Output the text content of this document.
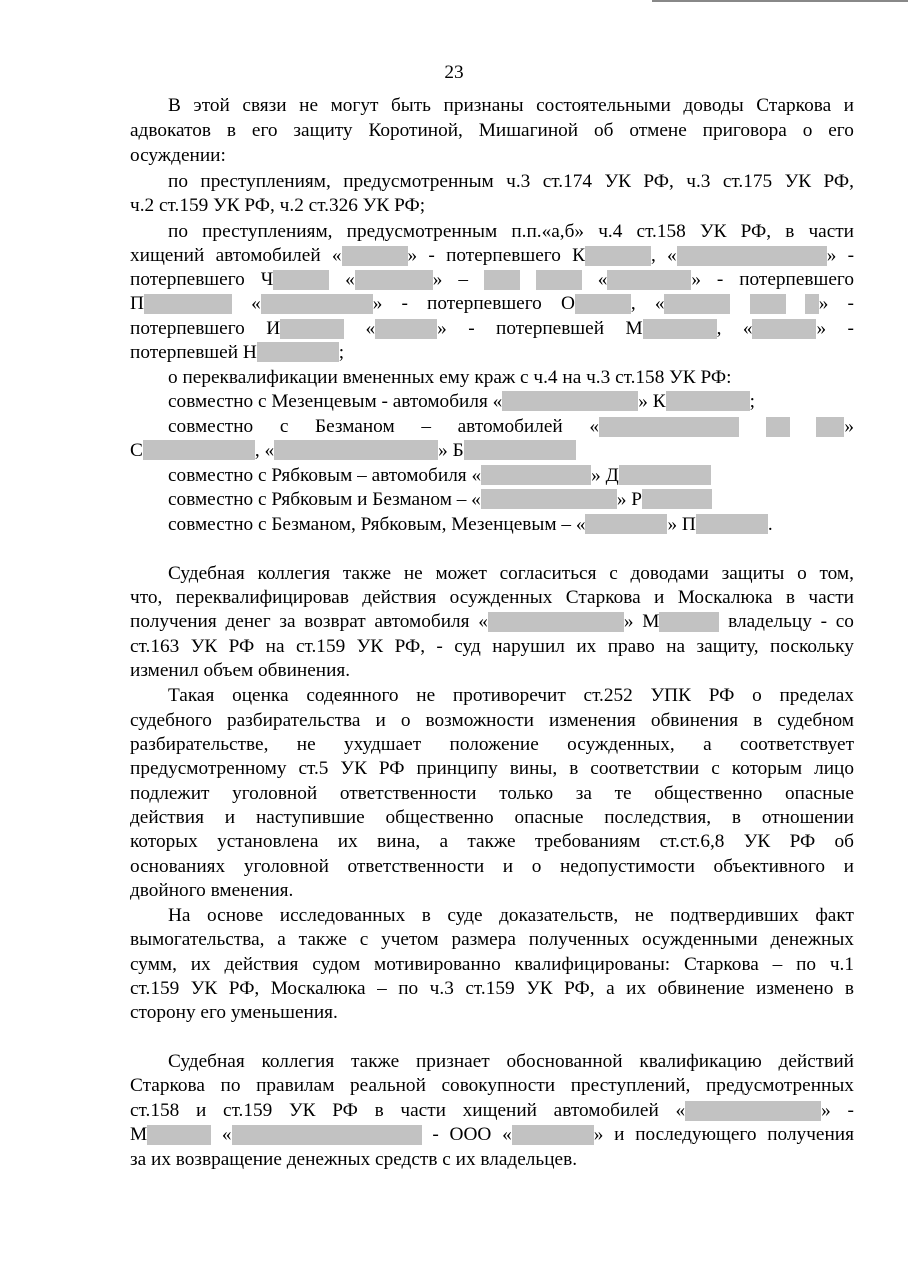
23
В этой связи не могут быть признаны состоятельными доводы Старкова и
адвокатов в его защиту Коротиной, Мишагиной об отмене приговора о его
осуждении:
по преступлениям, предусмотренным ч.3 ст.174 УК РФ, ч.3 ст.175 УК РФ,
ч.2 ст.159 УК РФ, ч.2 ст.326 УК РФ;
по преступлениям, предусмотренным п.п.«а,б» ч.4 ст.158 УК РФ, в части
хищений автомобилей «	» - потерпевшего К	, «	» -
потерпевшего Ч	«	» –	«	» - потерпевшего
П	«	» - потерпевшего О	, «	» -
потерпевшего И	«	» - потерпевшей М	, «	» -
потерпевшей Н	;
о переквалификации вмененных ему краж с ч.4 на ч.3 ст.158 УК РФ:
совместно с Мезенцевым - автомобиля «	» К	;
совместно с Безманом – автомобилей «	»
С	, «	» Б
совместно с Рябковым – автомобиля «	» Д
совместно с Рябковым и Безманом – «	» Р
совместно с Безманом, Рябковым, Мезенцевым – «	» П	.
Судебная коллегия также не может согласиться с доводами защиты о том,
что, переквалифицировав действия осужденных Старкова и Москалюка в части
получения денег за возврат автомобиля «	» М	владельцу - со
ст.163 УК РФ на ст.159 УК РФ, - суд нарушил их право на защиту, поскольку
изменил объем обвинения.
Такая оценка содеянного не противоречит ст.252 УПК РФ о пределах
судебного разбирательства и о возможности изменения обвинения в судебном
разбирательстве, не ухудшает положение осужденных, а соответствует
предусмотренному ст.5 УК РФ принципу вины, в соответствии с которым лицо
подлежит уголовной ответственности только за те общественно опасные
действия и наступившие общественно опасные последствия, в отношении
которых установлена их вина, а также требованиям ст.ст.6,8 УК РФ об
основаниях уголовной ответственности и о недопустимости объективного и
двойного вменения.
На основе исследованных в суде доказательств, не подтвердивших факт
вымогательства, а также с учетом размера полученных осужденными денежных
сумм, их действия судом мотивированно квалифицированы: Старкова – по ч.1
ст.159 УК РФ, Москалюка – по ч.3 ст.159 УК РФ, а их обвинение изменено в
сторону его уменьшения.
Судебная коллегия также признает обоснованной квалификацию действий
Старкова по правилам реальной совокупности преступлений, предусмотренных
ст.158 и ст.159 УК РФ в части хищений автомобилей «	» -
М	«	- ООО «	» и последующего получения
за их возвращение денежных средств с их владельцев.
